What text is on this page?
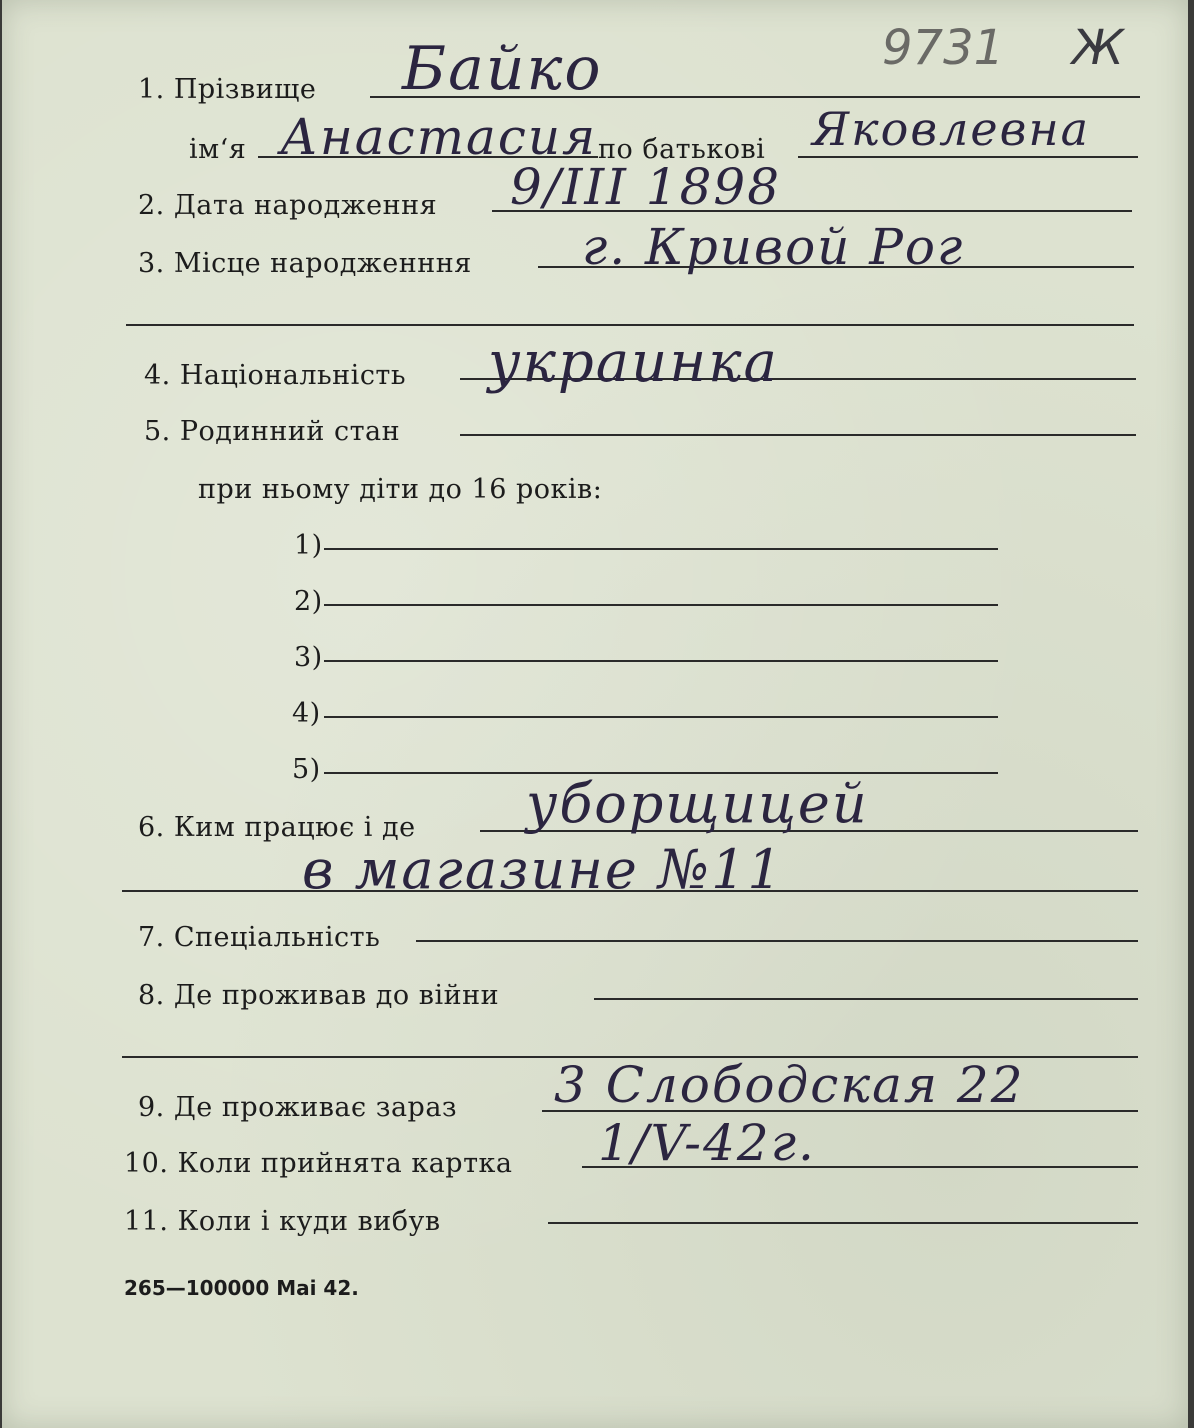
9731 Ж
1. Прізвище Байко
ім‘я Анастасия по батькові Яковлевна
2. Дата народження 9/III 1898
3. Місце народженння г. Кривой Рог
4. Національність украинка
5. Родинний стан
при ньому діти до 16 років:
1)
2)
3)
4)
5)
6. Ким працює і де уборщицей
в магазине №11
7. Спеціальність
8. Де проживав до війни
9. Де проживає зараз 3 Слободская 22
10. Коли прийнята картка 1/V-42г.
11. Коли і куди вибув
265—100000 Mai 42.
